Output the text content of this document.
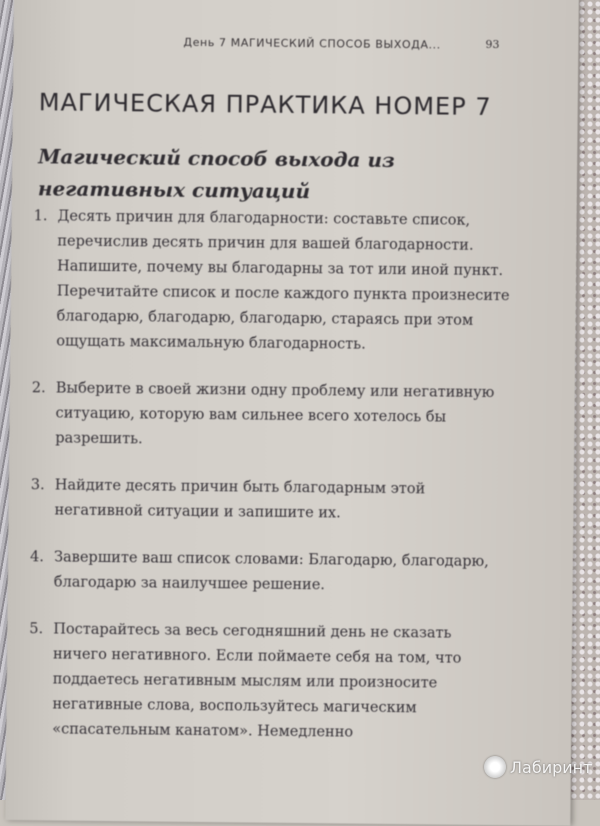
День 7 МАГИЧЕСКИЙ СПОСОБ ВЫХОДА...	93
МАГИЧЕСКАЯ ПРАКТИКА НОМЕР 7
Магический способ выхода из негативных ситуаций
1. Десять причин для благодарности: составьте список, перечислив десять причин для вашей благодарности. Напишите, почему вы благодарны за тот или иной пункт. Перечитайте список и после каждого пункта произнесите благодарю, благодарю, благодарю, стараясь при этом ощущать максимальную благодарность.
2. Выберите в своей жизни одну проблему или негативную ситуацию, которую вам сильнее всего хотелось бы разрешить.
3. Найдите десять причин быть благодарным этой негативной ситуации и запишите их.
4. Завершите ваш список словами: Благодарю, благодарю, благодарю за наилучшее решение.
5. Постарайтесь за весь сегодняшний день не сказать ничего негативного. Если поймаете себя на том, что поддаетесь негативным мыслям или произносите негативные слова, воспользуйтесь магическим «спасательным канатом». Немедленно
Лабиринт
